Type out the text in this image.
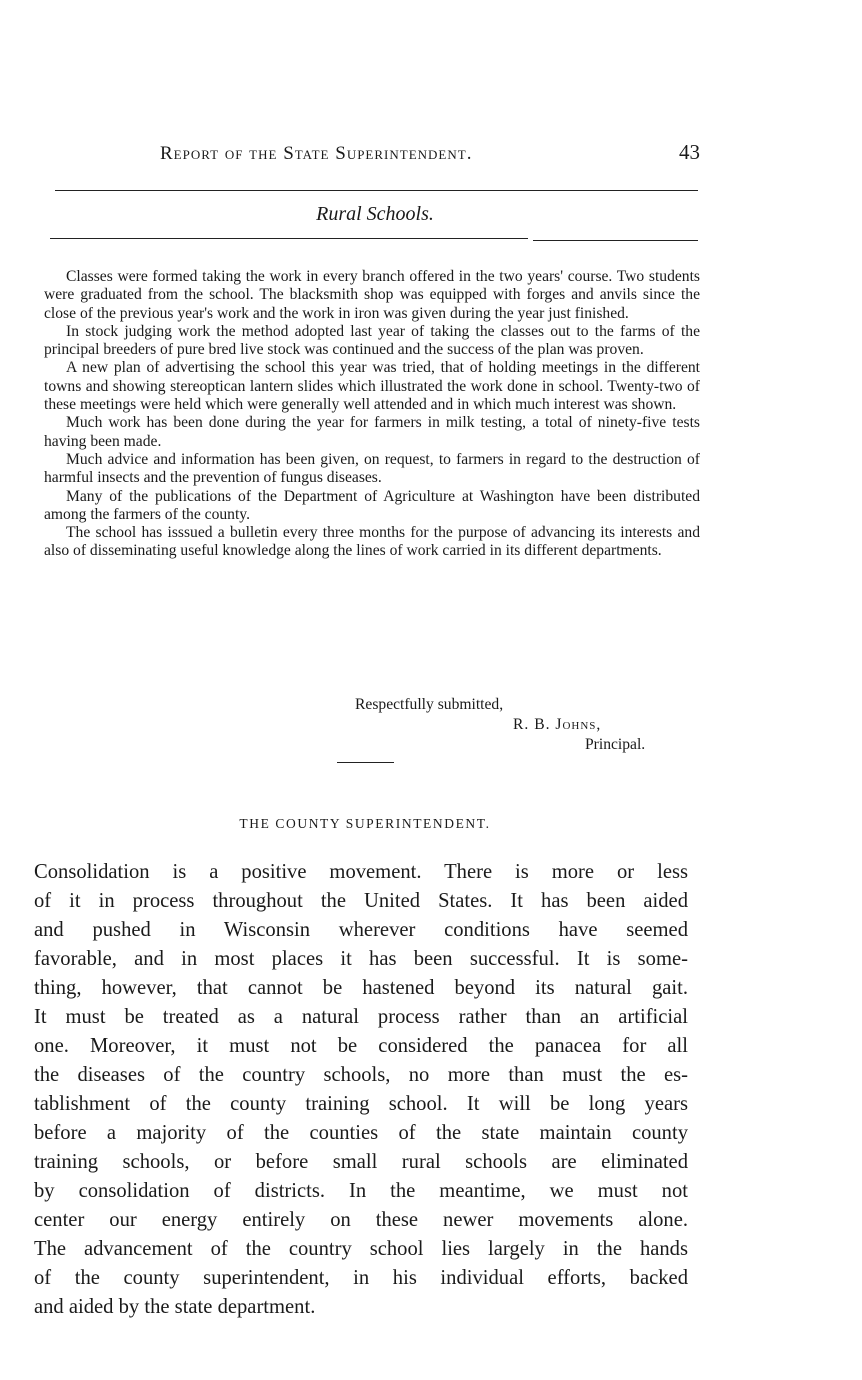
Report of the State Superintendent.	43
Rural Schools.

Classes were formed taking the work in every branch offered in the two years' course. Two students were graduated from the school. The blacksmith shop was equipped with forges and anvils since the close of the previous year's work and the work in iron was given during the year just finished.

In stock judging work the method adopted last year of taking the classes out to the farms of the principal breeders of pure bred live stock was continued and the success of the plan was proven.

A new plan of advertising the school this year was tried, that of holding meetings in the different towns and showing stereoptican lantern slides which illustrated the work done in school. Twenty-two of these meetings were held which were generally well attended and in which much interest was shown.

Much work has been done during the year for farmers in milk testing, a total of ninety-five tests having been made.

Much advice and information has been given, on request, to farmers in regard to the destruction of harmful insects and the prevention of fungus diseases.

Many of the publications of the Department of Agriculture at Washington have been distributed among the farmers of the county.

The school has isssued a bulletin every three months for the purpose of advancing its interests and also of disseminating useful knowledge along the lines of work carried in its different departments.

Respectfully submitted,
R. B. Johns,
Principal.
THE COUNTY SUPERINTENDENT.

Consolidation is a positive movement. There is more or less
of it in process throughout the United States. It has been aided
and pushed in Wisconsin wherever conditions have seemed
favorable, and in most places it has been successful. It is some-
thing, however, that cannot be hastened beyond its natural gait.
It must be treated as a natural process rather than an artificial
one. Moreover, it must not be considered the panacea for all
the diseases of the country schools, no more than must the es-
tablishment of the county training school. It will be long years
before a majority of the counties of the state maintain county
training schools, or before small rural schools are eliminated
by consolidation of districts. In the meantime, we must not
center our energy entirely on these newer movements alone.
The advancement of the country school lies largely in the hands
of the county superintendent, in his individual efforts, backed
and aided by the state department.
